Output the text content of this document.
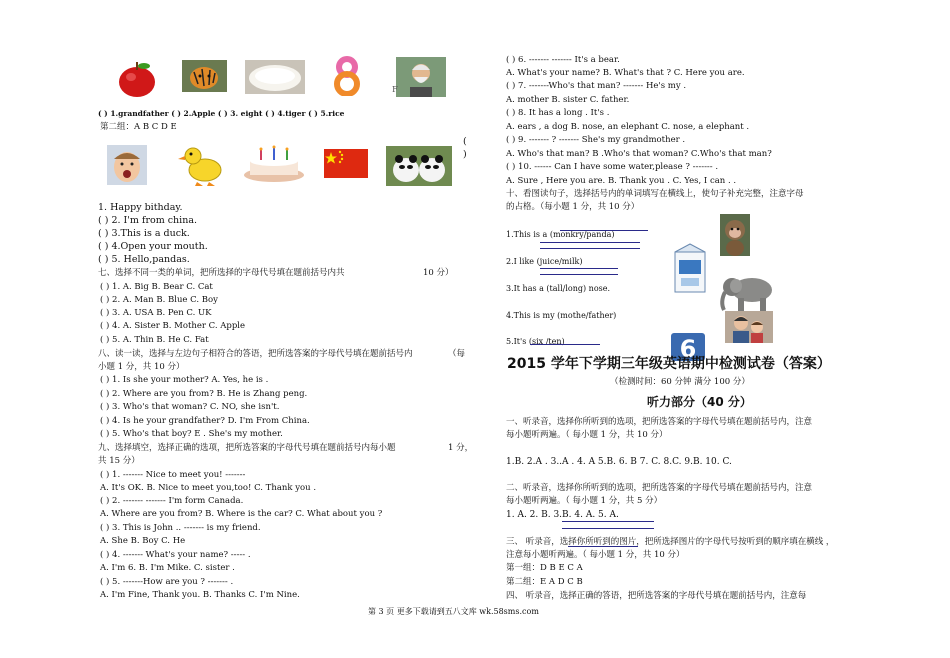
F
( ) 1.grandfather ( ) 2.Apple ( ) 3. eight ( ) 4.tiger ( ) 5.rice
第二组：A B C D E
(
)
1. Happy bithday.
( ) 2. I'm from china.
( ) 3.This is a duck.
( ) 4.Open your mouth.
( ) 5. Hello,pandas.
七、选择不同一类的单词，把所选择的字母代号填在题前括号内共	10 分）
( ) 1. A. Big B. Bear C. Cat
( ) 2. A. Man B. Blue C. Boy
( ) 3. A. USA B. Pen C. UK
( ) 4. A. Sister B. Mother C. Apple
( ) 5. A. Thin B. He C. Fat
八、读一读，选择与左边句子相符合的答语，把所选答案的字母代号填在题前括号内	（每
小题 1 分，共 10 分）
( ) 1. Is she your mother? A. Yes, he is .
( ) 2. Where are you from? B. He is Zhang peng.
( ) 3. Who's that woman? C. NO, she isn't.
( ) 4. Is he your grandfather? D. I'm From China.
( ) 5. Who's that boy? E . She's my mother.
九、选择填空，选择正确的选项，把所选答案的字母代号填在题前括号内每小题	1 分，
共 15 分）
( ) 1. ------- Nice to meet you! -------
A. It's OK. B. Nice to meet you,too! C. Thank you .
( ) 2. ------- ------- I'm form Canada.
A. Where are you from? B. Where is the car? C. What about you ?
( ) 3. This is John .. ------- is my friend.
A. She B. Boy C. He
( ) 4. ------- What's your name? ----- .
A. I'm 6. B. I'm Mike. C. sister .
( ) 5. -------How are you ? ------- .
A. I'm Fine, Thank you. B. Thanks C. I'm Nine.
( ) 6. ------- ------- It's a bear.
A. What's your name? B. What's that ? C. Here you are.
( ) 7. -------Who's that man? ------- He's my .
A. mother B. sister C. father.
( ) 8. It has a long . It's .
A. ears , a dog B. nose, an elephant C. nose, a elephant .
( ) 9. ------- ? ------- She's my grandmother .
A. Who's that man? B .Who's that woman? C.Who's that man?
( ) 10. ------ Can I have some water,please ? ------- .
A. Sure , Here you are. B. Thank you . C. Yes, I can . .
十、看图读句子，选择括号内的单词填写在横线上，使句子补充完整，注意字母
的占格。（每小题 1 分，共 10 分）
1.This is a (monkry/panda)
2.I like (juice/milk)
3.It has a (tall/long) nose.
4.This is my (mothe/father)
5.It's (six /ten)	6
2015 学年下学期三年级英语期中检测试卷（答案）
（检测时间：60 分钟 满分 100 分）
听力部分（40 分）
一、听录音，选择你所听到的选项，把所选答案的字母代号填在题前括号内，注意
每小题听两遍。（ 每小题 1 分，共 10 分）
1.B. 2.A . 3..A . 4. A 5.B. 6. B 7. C. 8.C. 9.B. 10. C.
二、听录音，选择你所听到的选项，把所选答案的字母代号填在题前括号内，注意
每小题听两遍。（ 每小题 1 分，共 5 分）
1. A. 2. B. 3.B. 4. A. 5. A.
三、 听录音，选择你所听到的图片，把所选择图片的字母代号按听到的顺序填在横线 ，
注意每小题听两遍。（ 每小题 1 分，共 10 分）
第一组：D B E C A
第二组：E A D C B
四、 听录音，选择正确的答语，把所选答案的字母代号填在题前括号内，注意每
第 3 页 更多下载请到五八文库 wk.58sms.com
